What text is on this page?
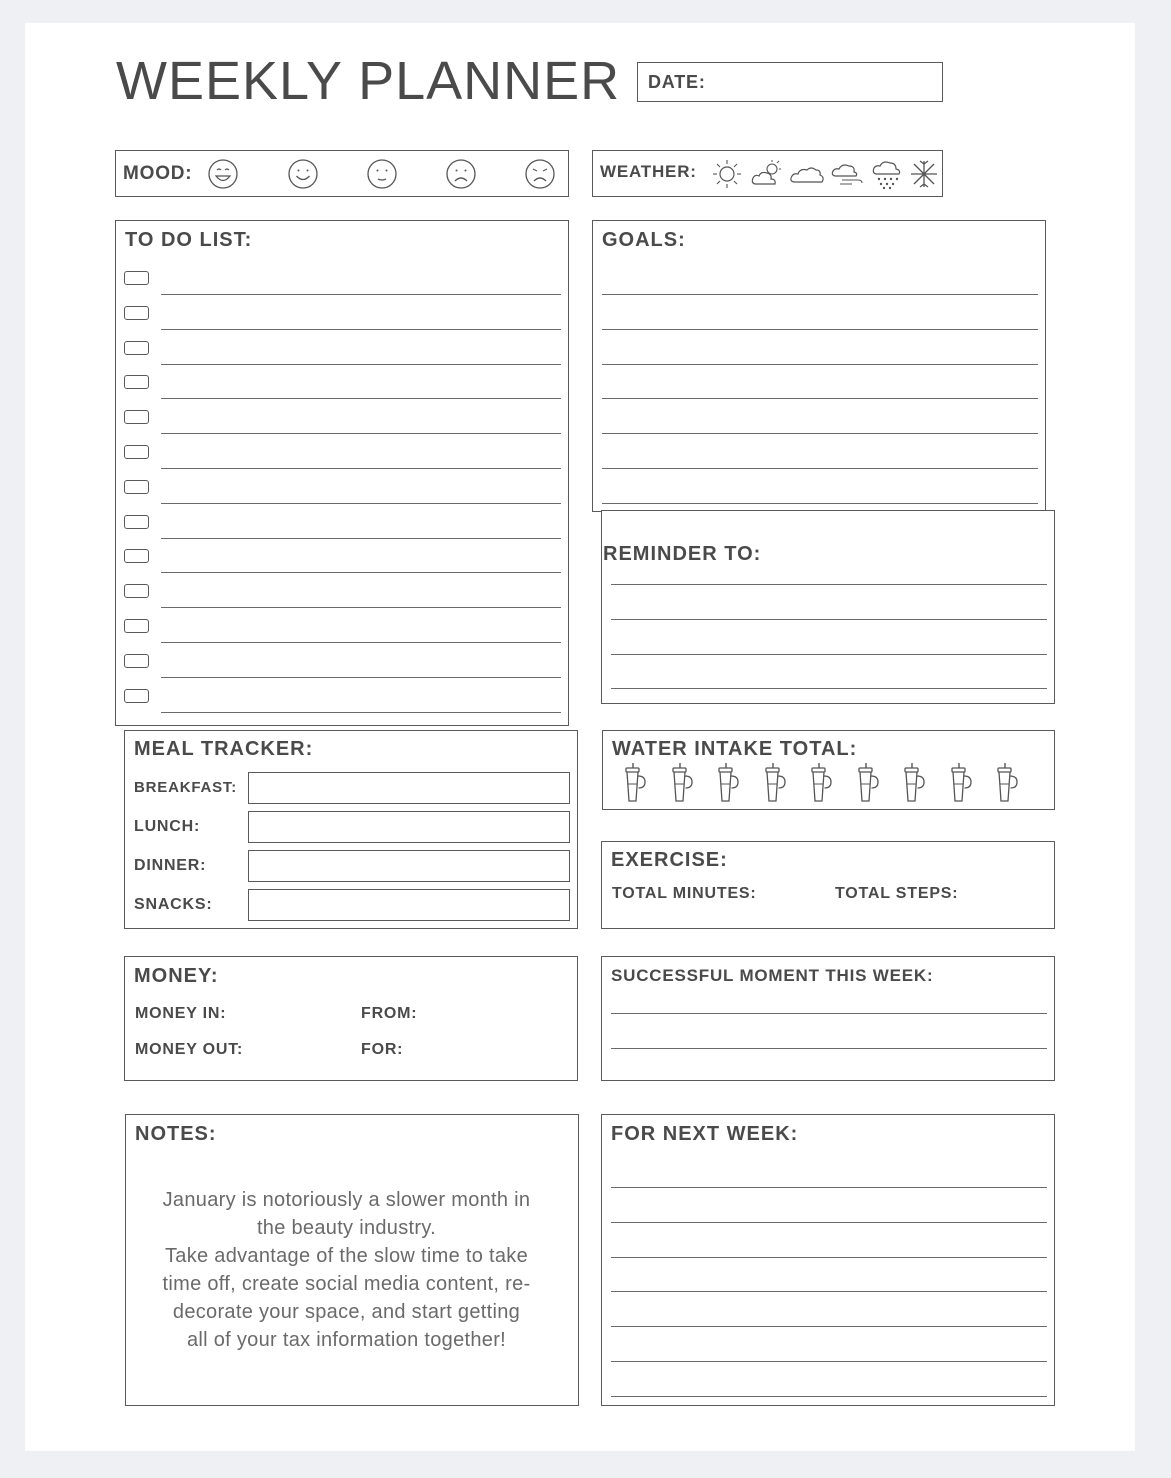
WEEKLY PLANNER DATE:
MOOD:	WEATHER:
TO DO LIST:	GOALS:
REMINDER TO:
MEAL TRACKER:
BREAKFAST:
LUNCH:
DINNER:
SNACKS:
WATER INTAKE TOTAL:
EXERCISE:
TOTAL MINUTES:	TOTAL STEPS:
MONEY:
MONEY IN:	FROM:
MONEY OUT:	FOR:
SUCCESSFUL MOMENT THIS WEEK:
NOTES:
January is notoriously a slower month in
the beauty industry.
Take advantage of the slow time to take
time off, create social media content, re-
decorate your space, and start getting
all of your tax information together!
FOR NEXT WEEK:
